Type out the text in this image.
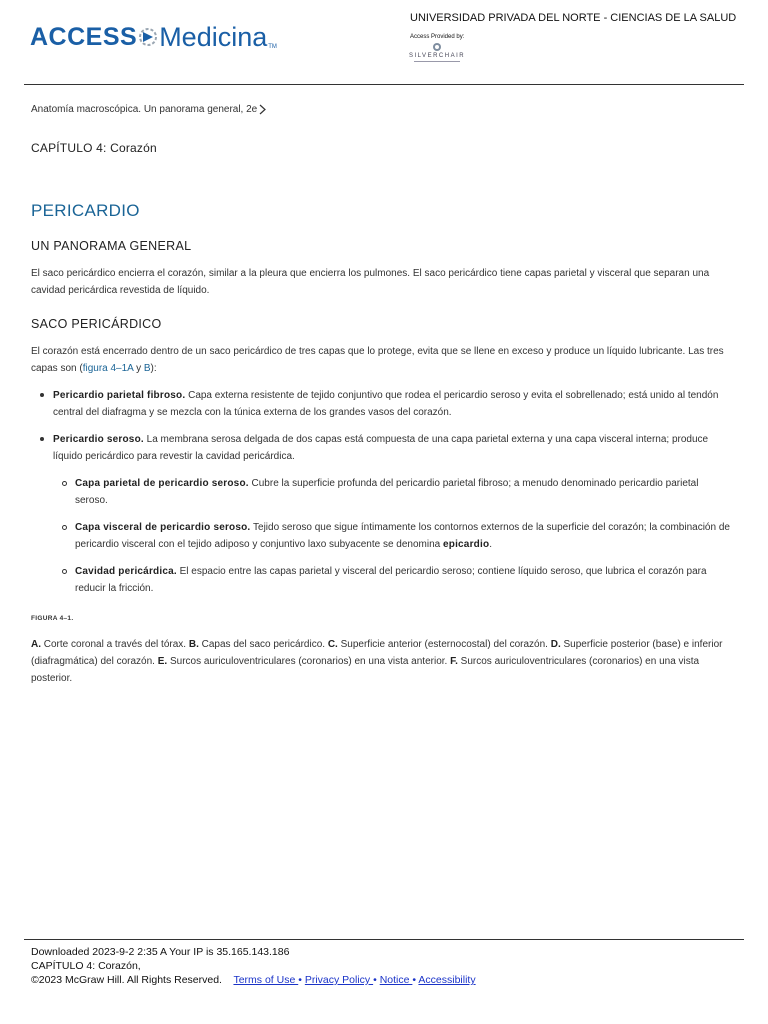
ACCESS Medicina TM
UNIVERSIDAD PRIVADA DEL NORTE - CIENCIAS DE LA SALUD
Access Provided by:
SILVERCHAIR
Anatomía macroscópica. Un panorama general, 2e
CAPÍTULO 4: Corazón
PERICARDIO
UN PANORAMA GENERAL
El saco pericárdico encierra el corazón, similar a la pleura que encierra los pulmones. El saco pericárdico tiene capas parietal y visceral que separan una cavidad pericárdica revestida de líquido.
SACO PERICÁRDICO
El corazón está encerrado dentro de un saco pericárdico de tres capas que lo protege, evita que se llene en exceso y produce un líquido lubricante. Las tres capas son (figura 4–1A y B):
Pericardio parietal fibroso. Capa externa resistente de tejido conjuntivo que rodea el pericardio seroso y evita el sobrellenado; está unido al tendón central del diafragma y se mezcla con la túnica externa de los grandes vasos del corazón.
Pericardio seroso. La membrana serosa delgada de dos capas está compuesta de una capa parietal externa y una capa visceral interna; produce líquido pericárdico para revestir la cavidad pericárdica.
Capa parietal de pericardio seroso. Cubre la superficie profunda del pericardio parietal fibroso; a menudo denominado pericardio parietal seroso.
Capa visceral de pericardio seroso. Tejido seroso que sigue íntimamente los contornos externos de la superficie del corazón; la combinación de pericardio visceral con el tejido adiposo y conjuntivo laxo subyacente se denomina epicardio.
Cavidad pericárdica. El espacio entre las capas parietal y visceral del pericardio seroso; contiene líquido seroso, que lubrica el corazón para reducir la fricción.
FIGURA 4–1.
A. Corte coronal a través del tórax. B. Capas del saco pericárdico. C. Superficie anterior (esternocostal) del corazón. D. Superficie posterior (base) e inferior (diafragmática) del corazón. E. Surcos auriculoventriculares (coronarios) en una vista anterior. F. Surcos auriculoventriculares (coronarios) en una vista posterior.
Downloaded 2023-9-2 2:35 A Your IP is 35.165.143.186
CAPÍTULO 4: Corazón,
©2023 McGraw Hill. All Rights Reserved. Terms of Use • Privacy Policy • Notice • Accessibility
